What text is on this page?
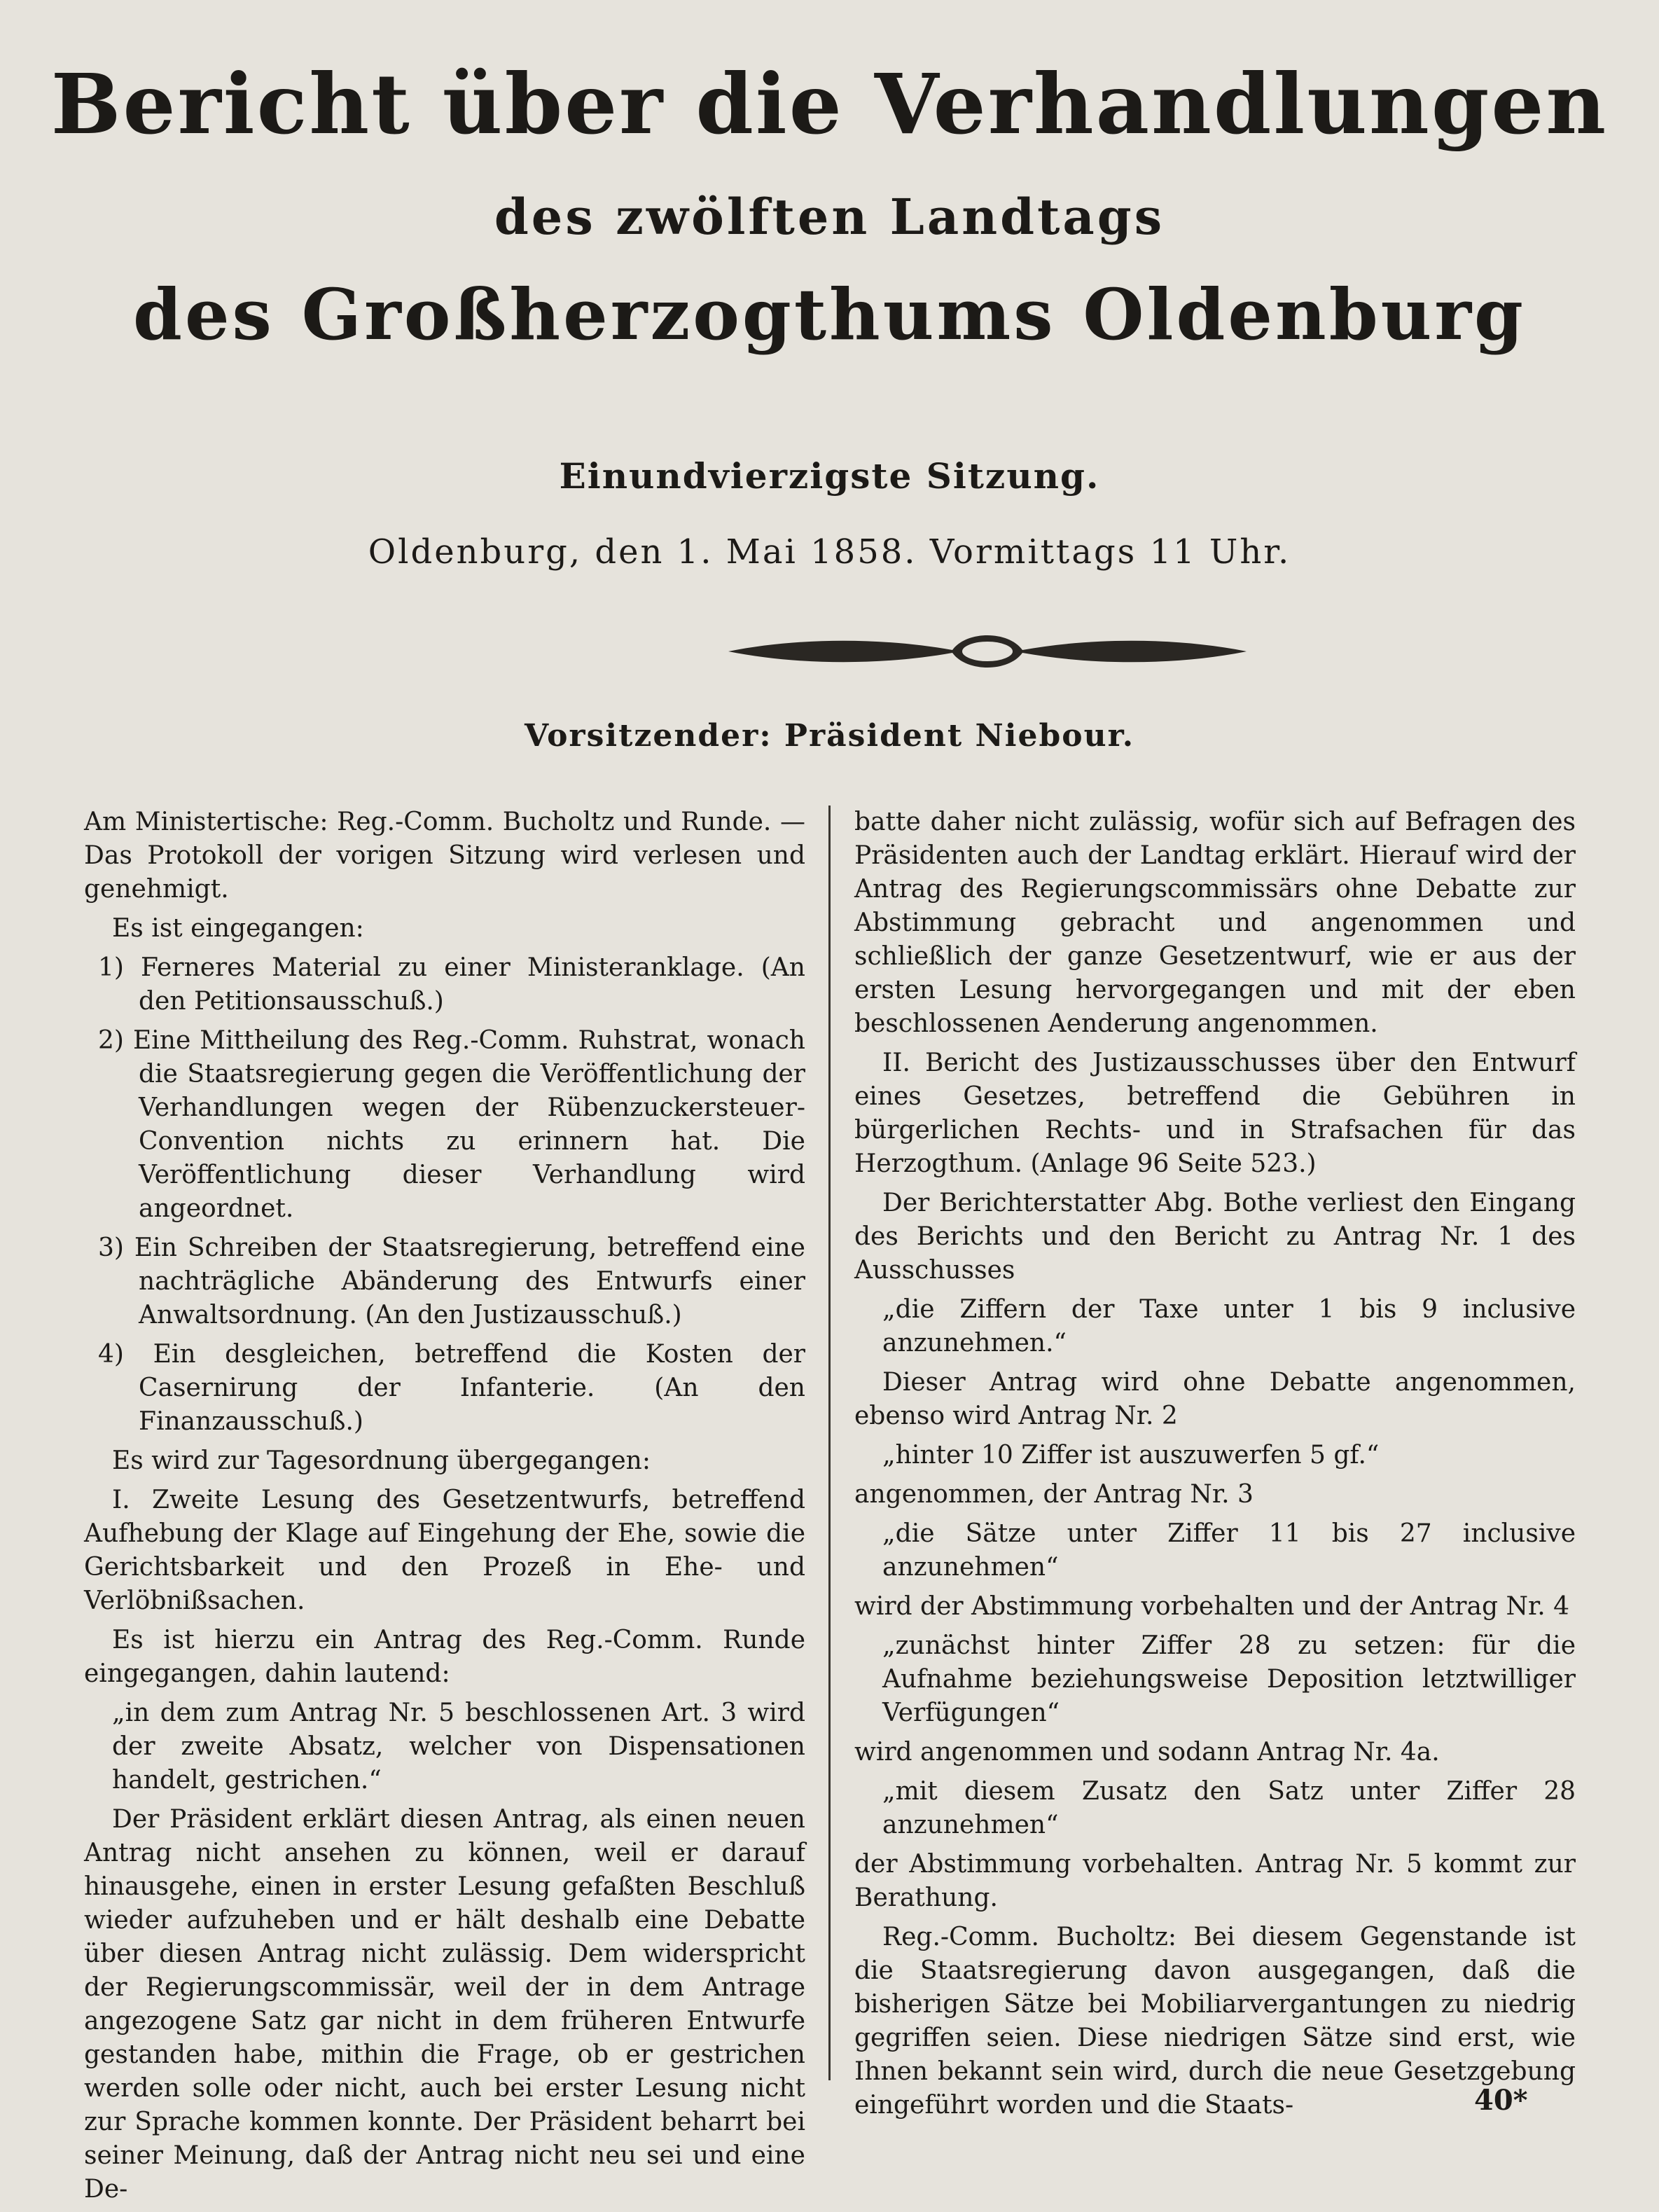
Bericht über die Verhandlungen
des zwölften Landtags
des Großherzogthums Oldenburg
Einundvierzigste Sitzung.
Oldenburg, den 1. Mai 1858. Vormittags 11 Uhr.
Vorsitzender: Präsident Niebour.

Am Ministertische: Reg.-Comm. Bucholtz und Runde. — Das Protokoll der vorigen Sitzung wird verlesen und genehmigt.

Es ist eingegangen:

1) Ferneres Material zu einer Ministeranklage. (An den Petitionsausschuß.)

2) Eine Mittheilung des Reg.-Comm. Ruhstrat, wonach die Staatsregierung gegen die Veröffentlichung der Verhandlungen wegen der Rübenzuckersteuer-Convention nichts zu erinnern hat. Die Veröffentlichung dieser Verhandlung wird angeordnet.

3) Ein Schreiben der Staatsregierung, betreffend eine nachträgliche Abänderung des Entwurfs einer Anwaltsordnung. (An den Justizausschuß.)

4) Ein desgleichen, betreffend die Kosten der Casernirung der Infanterie. (An den Finanzausschuß.)

Es wird zur Tagesordnung übergegangen:

I. Zweite Lesung des Gesetzentwurfs, betreffend Aufhebung der Klage auf Eingehung der Ehe, sowie die Gerichtsbarkeit und den Prozeß in Ehe- und Verlöbnißsachen.

Es ist hierzu ein Antrag des Reg.-Comm. Runde eingegangen, dahin lautend:

„in dem zum Antrag Nr. 5 beschlossenen Art. 3 wird der zweite Absatz, welcher von Dispensationen handelt, gestrichen.“

Der Präsident erklärt diesen Antrag, als einen neuen Antrag nicht ansehen zu können, weil er darauf hinausgehe, einen in erster Lesung gefaßten Beschluß wieder aufzuheben und er hält deshalb eine Debatte über diesen Antrag nicht zulässig. Dem widerspricht der Regierungscommissär, weil der in dem Antrage angezogene Satz gar nicht in dem früheren Entwurfe gestanden habe, mithin die Frage, ob er gestrichen werden solle oder nicht, auch bei erster Lesung nicht zur Sprache kommen konnte. Der Präsident beharrt bei seiner Meinung, daß der Antrag nicht neu sei und eine De-

batte daher nicht zulässig, wofür sich auf Befragen des Präsidenten auch der Landtag erklärt. Hierauf wird der Antrag des Regierungscommissärs ohne Debatte zur Abstimmung gebracht und angenommen und schließlich der ganze Gesetzentwurf, wie er aus der ersten Lesung hervorgegangen und mit der eben beschlossenen Aenderung angenommen.

II. Bericht des Justizausschusses über den Entwurf eines Gesetzes, betreffend die Gebühren in bürgerlichen Rechts- und in Strafsachen für das Herzogthum. (Anlage 96 Seite 523.)

Der Berichterstatter Abg. Bothe verliest den Eingang des Berichts und den Bericht zu Antrag Nr. 1 des Ausschusses

„die Ziffern der Taxe unter 1 bis 9 inclusive anzunehmen.“

Dieser Antrag wird ohne Debatte angenommen, ebenso wird Antrag Nr. 2

„hinter 10 Ziffer ist auszuwerfen 5 gf.“

angenommen, der Antrag Nr. 3

„die Sätze unter Ziffer 11 bis 27 inclusive anzunehmen“

wird der Abstimmung vorbehalten und der Antrag Nr. 4

„zunächst hinter Ziffer 28 zu setzen: für die Aufnahme beziehungsweise Deposition letztwilliger Verfügungen“

wird angenommen und sodann Antrag Nr. 4a.

„mit diesem Zusatz den Satz unter Ziffer 28 anzunehmen“

der Abstimmung vorbehalten. Antrag Nr. 5 kommt zur Berathung.

Reg.-Comm. Bucholtz: Bei diesem Gegenstande ist die Staatsregierung davon ausgegangen, daß die bisherigen Sätze bei Mobiliarvergantungen zu niedrig gegriffen seien. Diese niedrigen Sätze sind erst, wie Ihnen bekannt sein wird, durch die neue Gesetzgebung eingeführt worden und die Staats-	40*
